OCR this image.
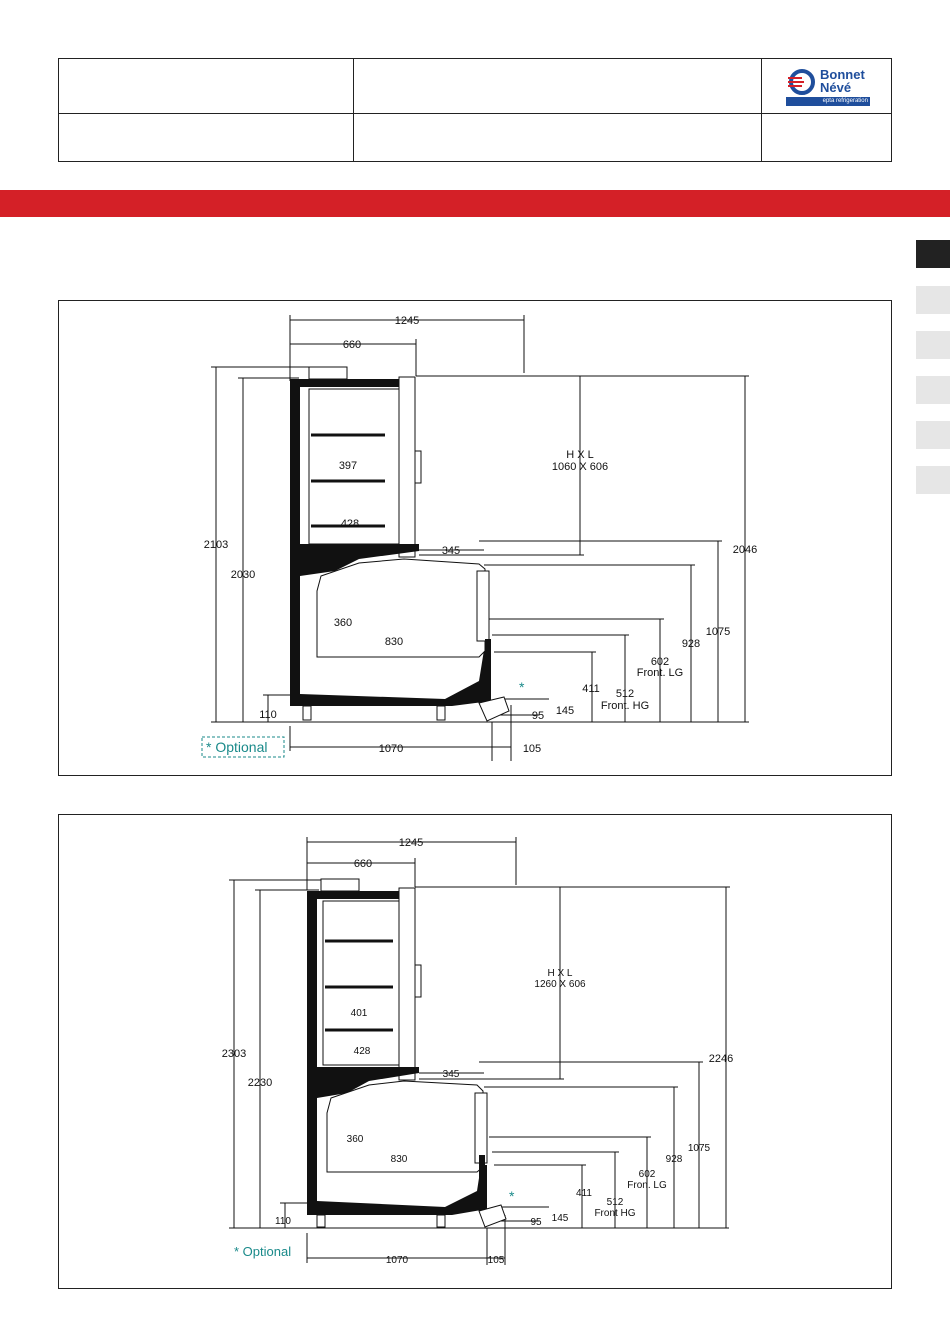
Bonnet
Névé
epta refrigeration
1245
660
2103
2030
2046
H X L
1060 X 606
397
428
345
360
830
1075
928
602
Front. LG
512
Front. HG
411
110	95 145
105
1070
*
* Optional
1245
660
2303
2230
2246
H X L
1260 X 606
401
428
345
360
830
1075
928
602
Fron. LG
512
Front HG
411
110	95 145
105
1070
*
* Optional
